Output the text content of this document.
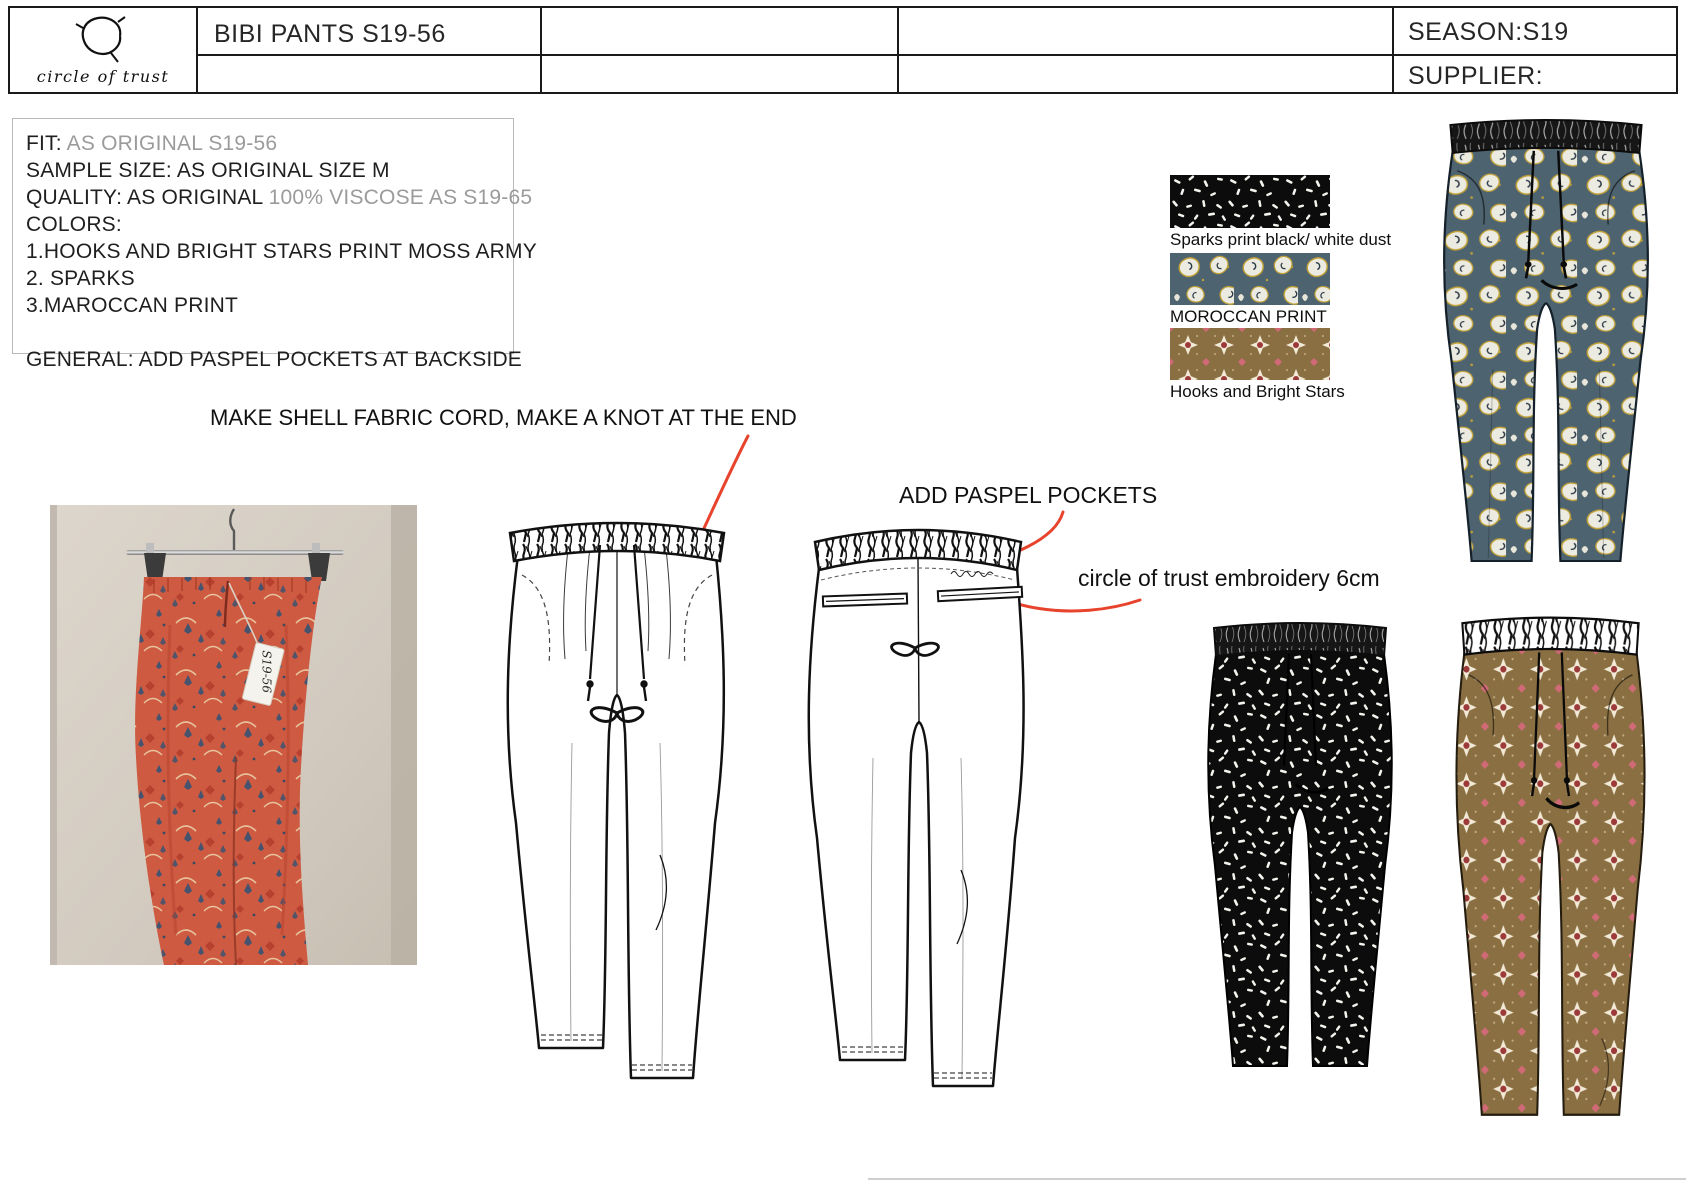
circle of trust
BIBI PANTS S19-56	SEASON:S19
SUPPLIER:
FIT: AS ORIGINAL S19-56
SAMPLE SIZE: AS ORIGINAL SIZE M
QUALITY: AS ORIGINAL 100% VISCOSE AS S19-65
COLORS:
1.HOOKS AND BRIGHT STARS PRINT MOSS ARMY
2. SPARKS
3.MAROCCAN PRINT
GENERAL: ADD PASPEL POCKETS AT BACKSIDE
MAKE SHELL FABRIC CORD, MAKE A KNOT AT THE END
ADD PASPEL POCKETS
circle of trust embroidery 6cm
S19-56
Sparks print black/ white dust
MOROCCAN PRINT
Hooks and Bright Stars
